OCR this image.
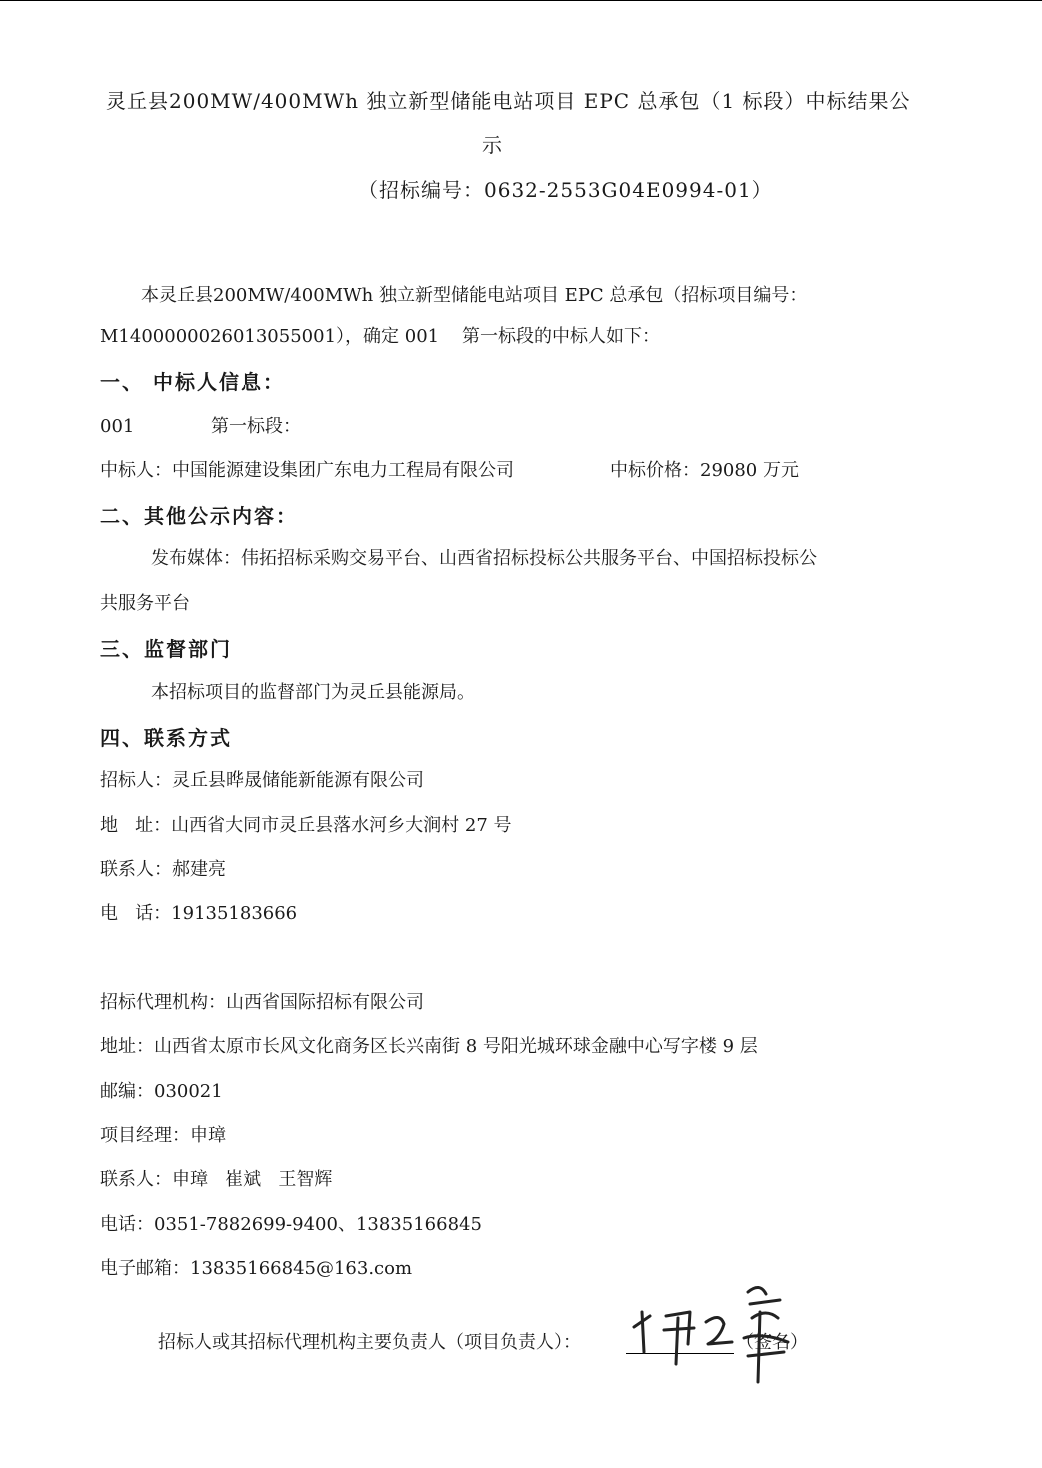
灵丘县200MW/400MWh 独立新型储能电站项目 EPC 总承包（1 标段）中标结果公
示
（招标编号：0632-2553G04E0994-01）
本灵丘县200MW/400MWh 独立新型储能电站项目 EPC 总承包（招标项目编号：
M1400000026013055001），确定 001    第一标段的中标人如下：
一、 中标人信息：
001	第一标段：
中标人：中国能源建设集团广东电力工程局有限公司	中标价格：29080 万元
二、其他公示内容：
发布媒体：伟拓招标采购交易平台、山西省招标投标公共服务平台、中国招标投标公
共服务平台
三、监督部门
本招标项目的监督部门为灵丘县能源局。
四、联系方式
招标人：灵丘县晔晟储能新能源有限公司
地   址：山西省大同市灵丘县落水河乡大涧村 27 号
联系人：郝建亮
电   话：19135183666
招标代理机构：山西省国际招标有限公司
地址：山西省太原市长风文化商务区长兴南街 8 号阳光城环球金融中心写字楼 9 层
邮编：030021
项目经理：申璋
联系人：申璋   崔斌   王智辉
电话：0351-7882699-9400、13835166845
电子邮箱：13835166845@163.com
招标人或其招标代理机构主要负责人（项目负责人）：	（签名）
